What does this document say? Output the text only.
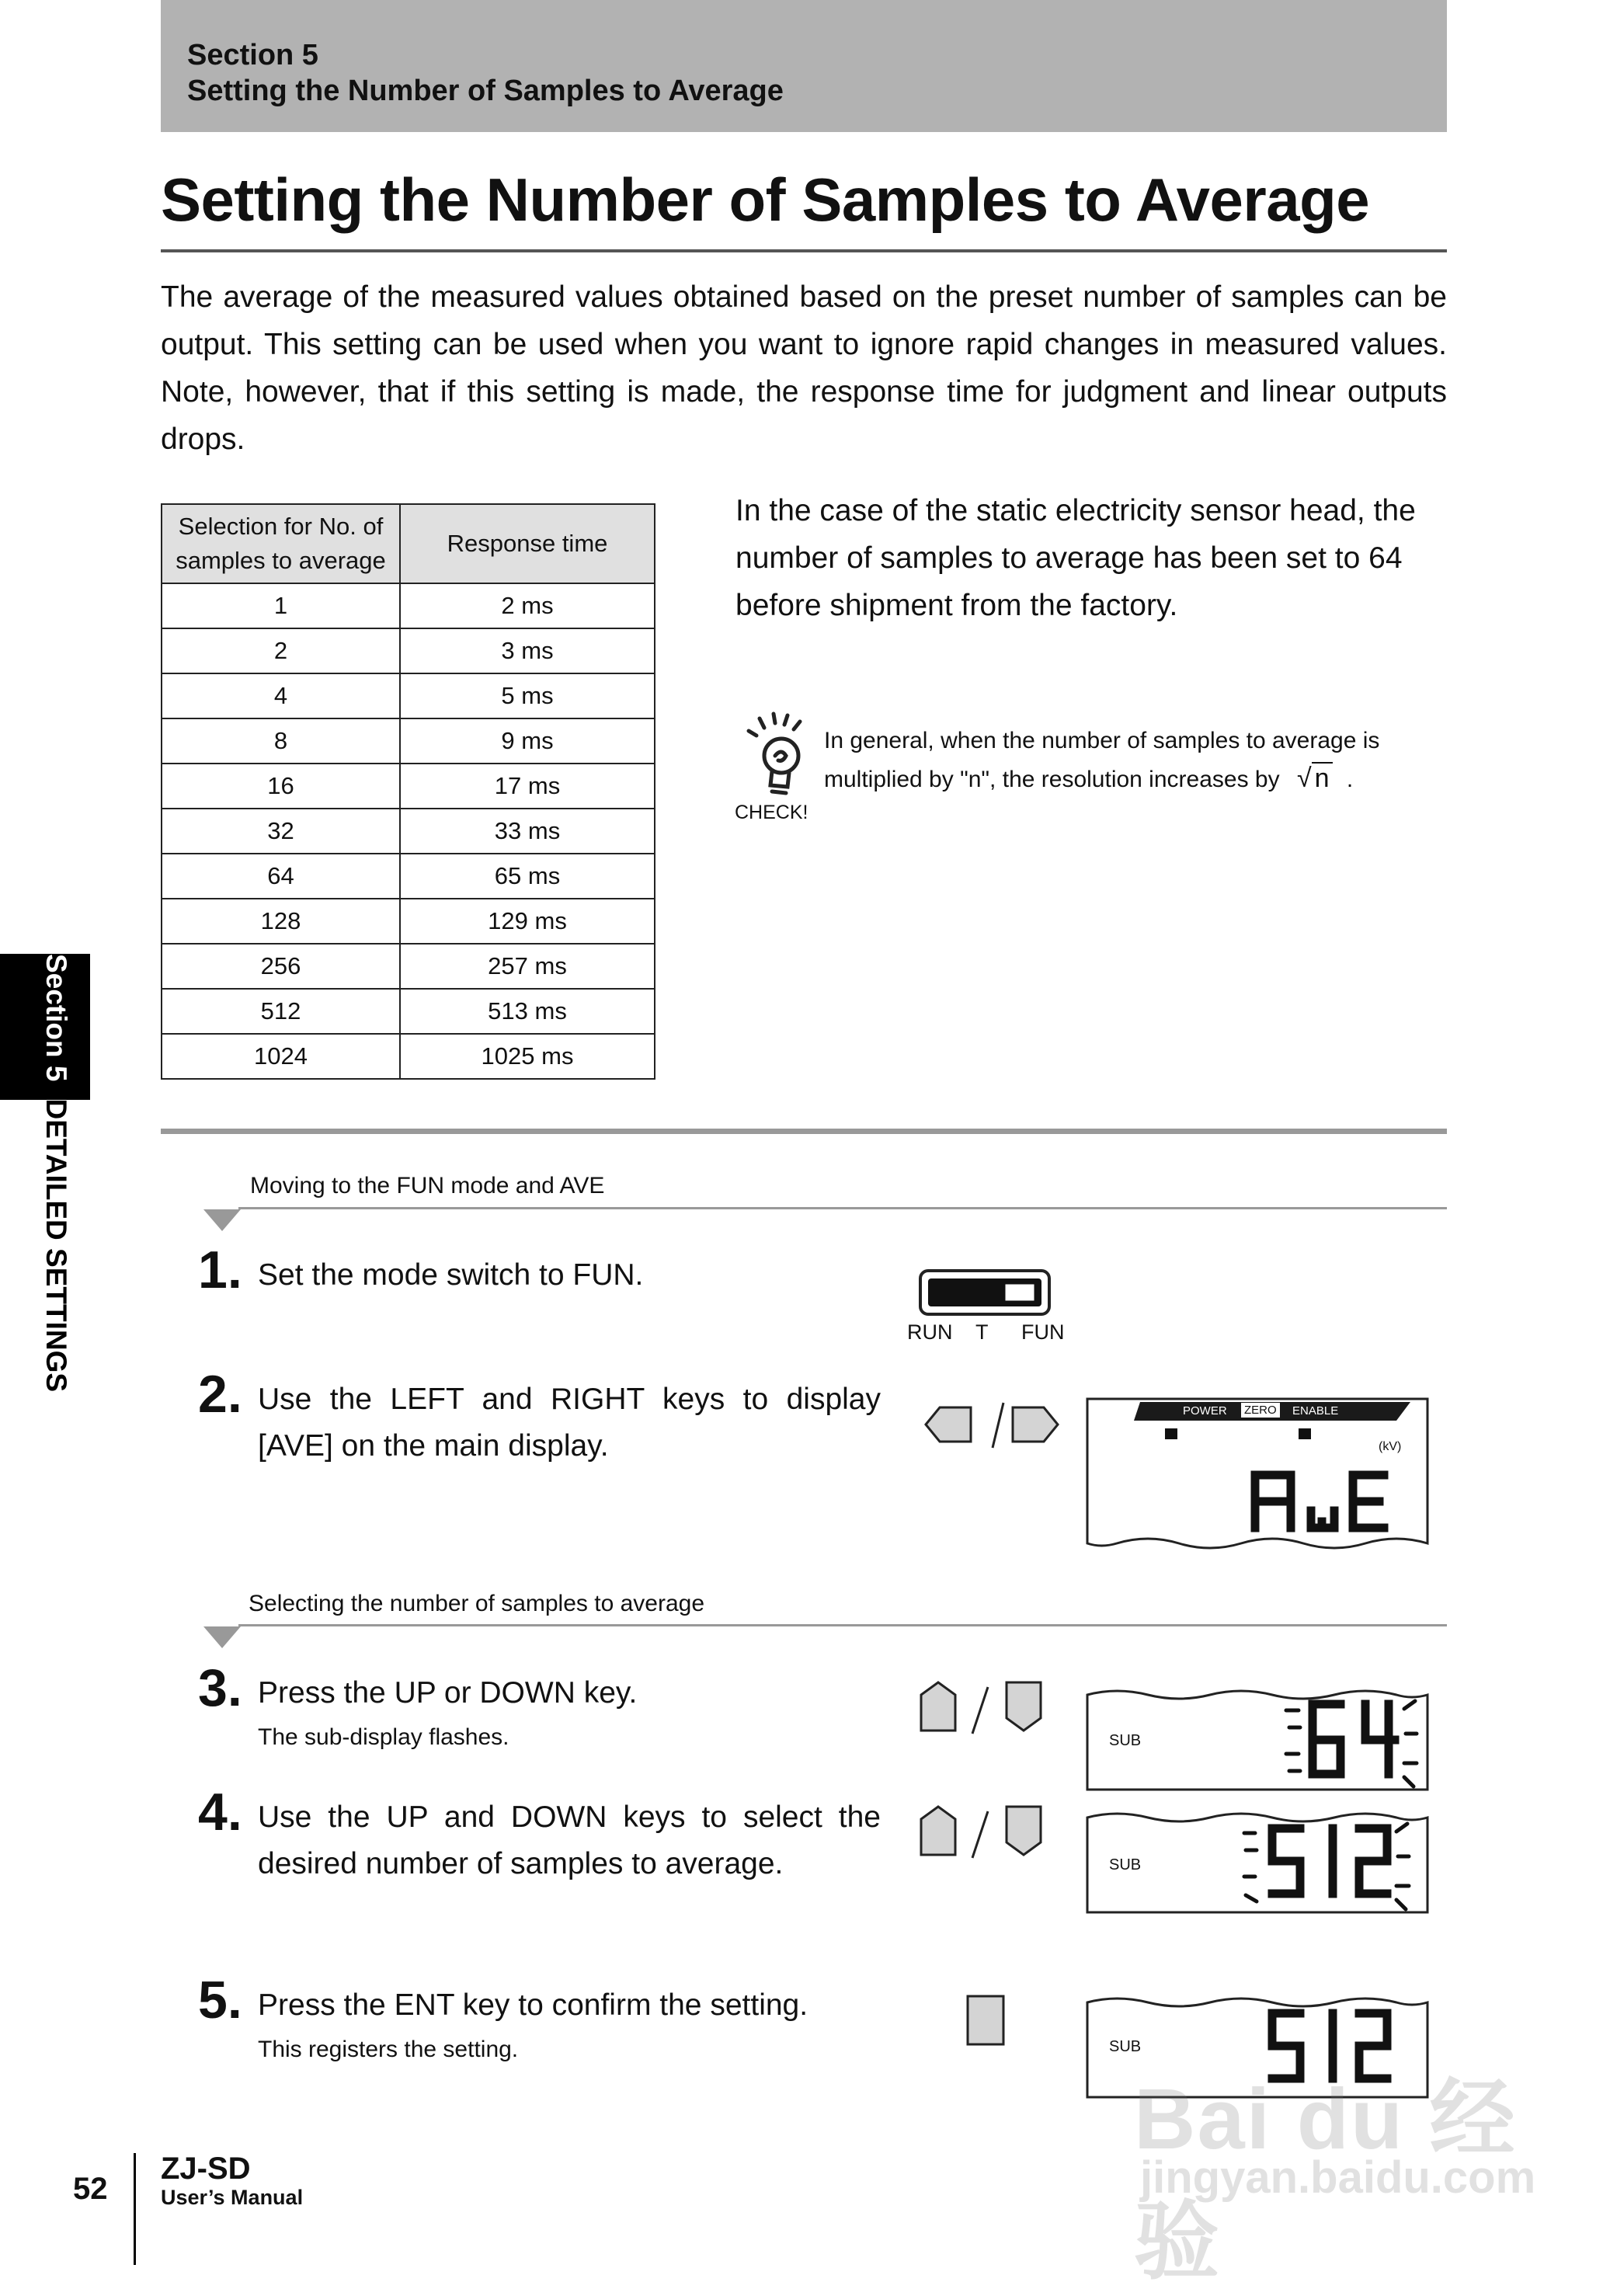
Section 5
Setting the Number of Samples to Average
Setting the Number of Samples to Average
The average of the measured values obtained based on the preset number of samples can be output. This setting can be used when you want to ignore rapid changes in measured values. Note, however, that if this setting is made, the response time for judgment and linear outputs drops.
Selection for No. of samples to average	Response time
1	2 ms
2	3 ms
4	5 ms
8	9 ms
16	17 ms
32	33 ms
64	65 ms
128	129 ms
256	257 ms
512	513 ms
1024	1025 ms
In the case of the static electricity sensor head, the number of samples to average has been set to 64 before shipment from the factory.
CHECK!
In general, when the number of samples to average is
multiplied by "n", the resolution increases by √ n .
Section 5DETAILED SETTINGS	Moving to the FUN mode and AVE
1. Set the mode switch to FUN.
RUN T FUN
2. Use the LEFT and RIGHT keys to display [AVE] on the main display.
POWER ZERO ENABLE
(kV)
Selecting the number of samples to average
3. Press the UP or DOWN key.
The sub-display flashes.	SUB
4. Use the UP and DOWN keys to select the desired number of samples to average.	SUB
5. Press the ENT key to confirm the setting.
This registers the setting.	SUB
Bai du 经验
jingyan.baidu.com
52
ZJ-SD
User’s Manual
